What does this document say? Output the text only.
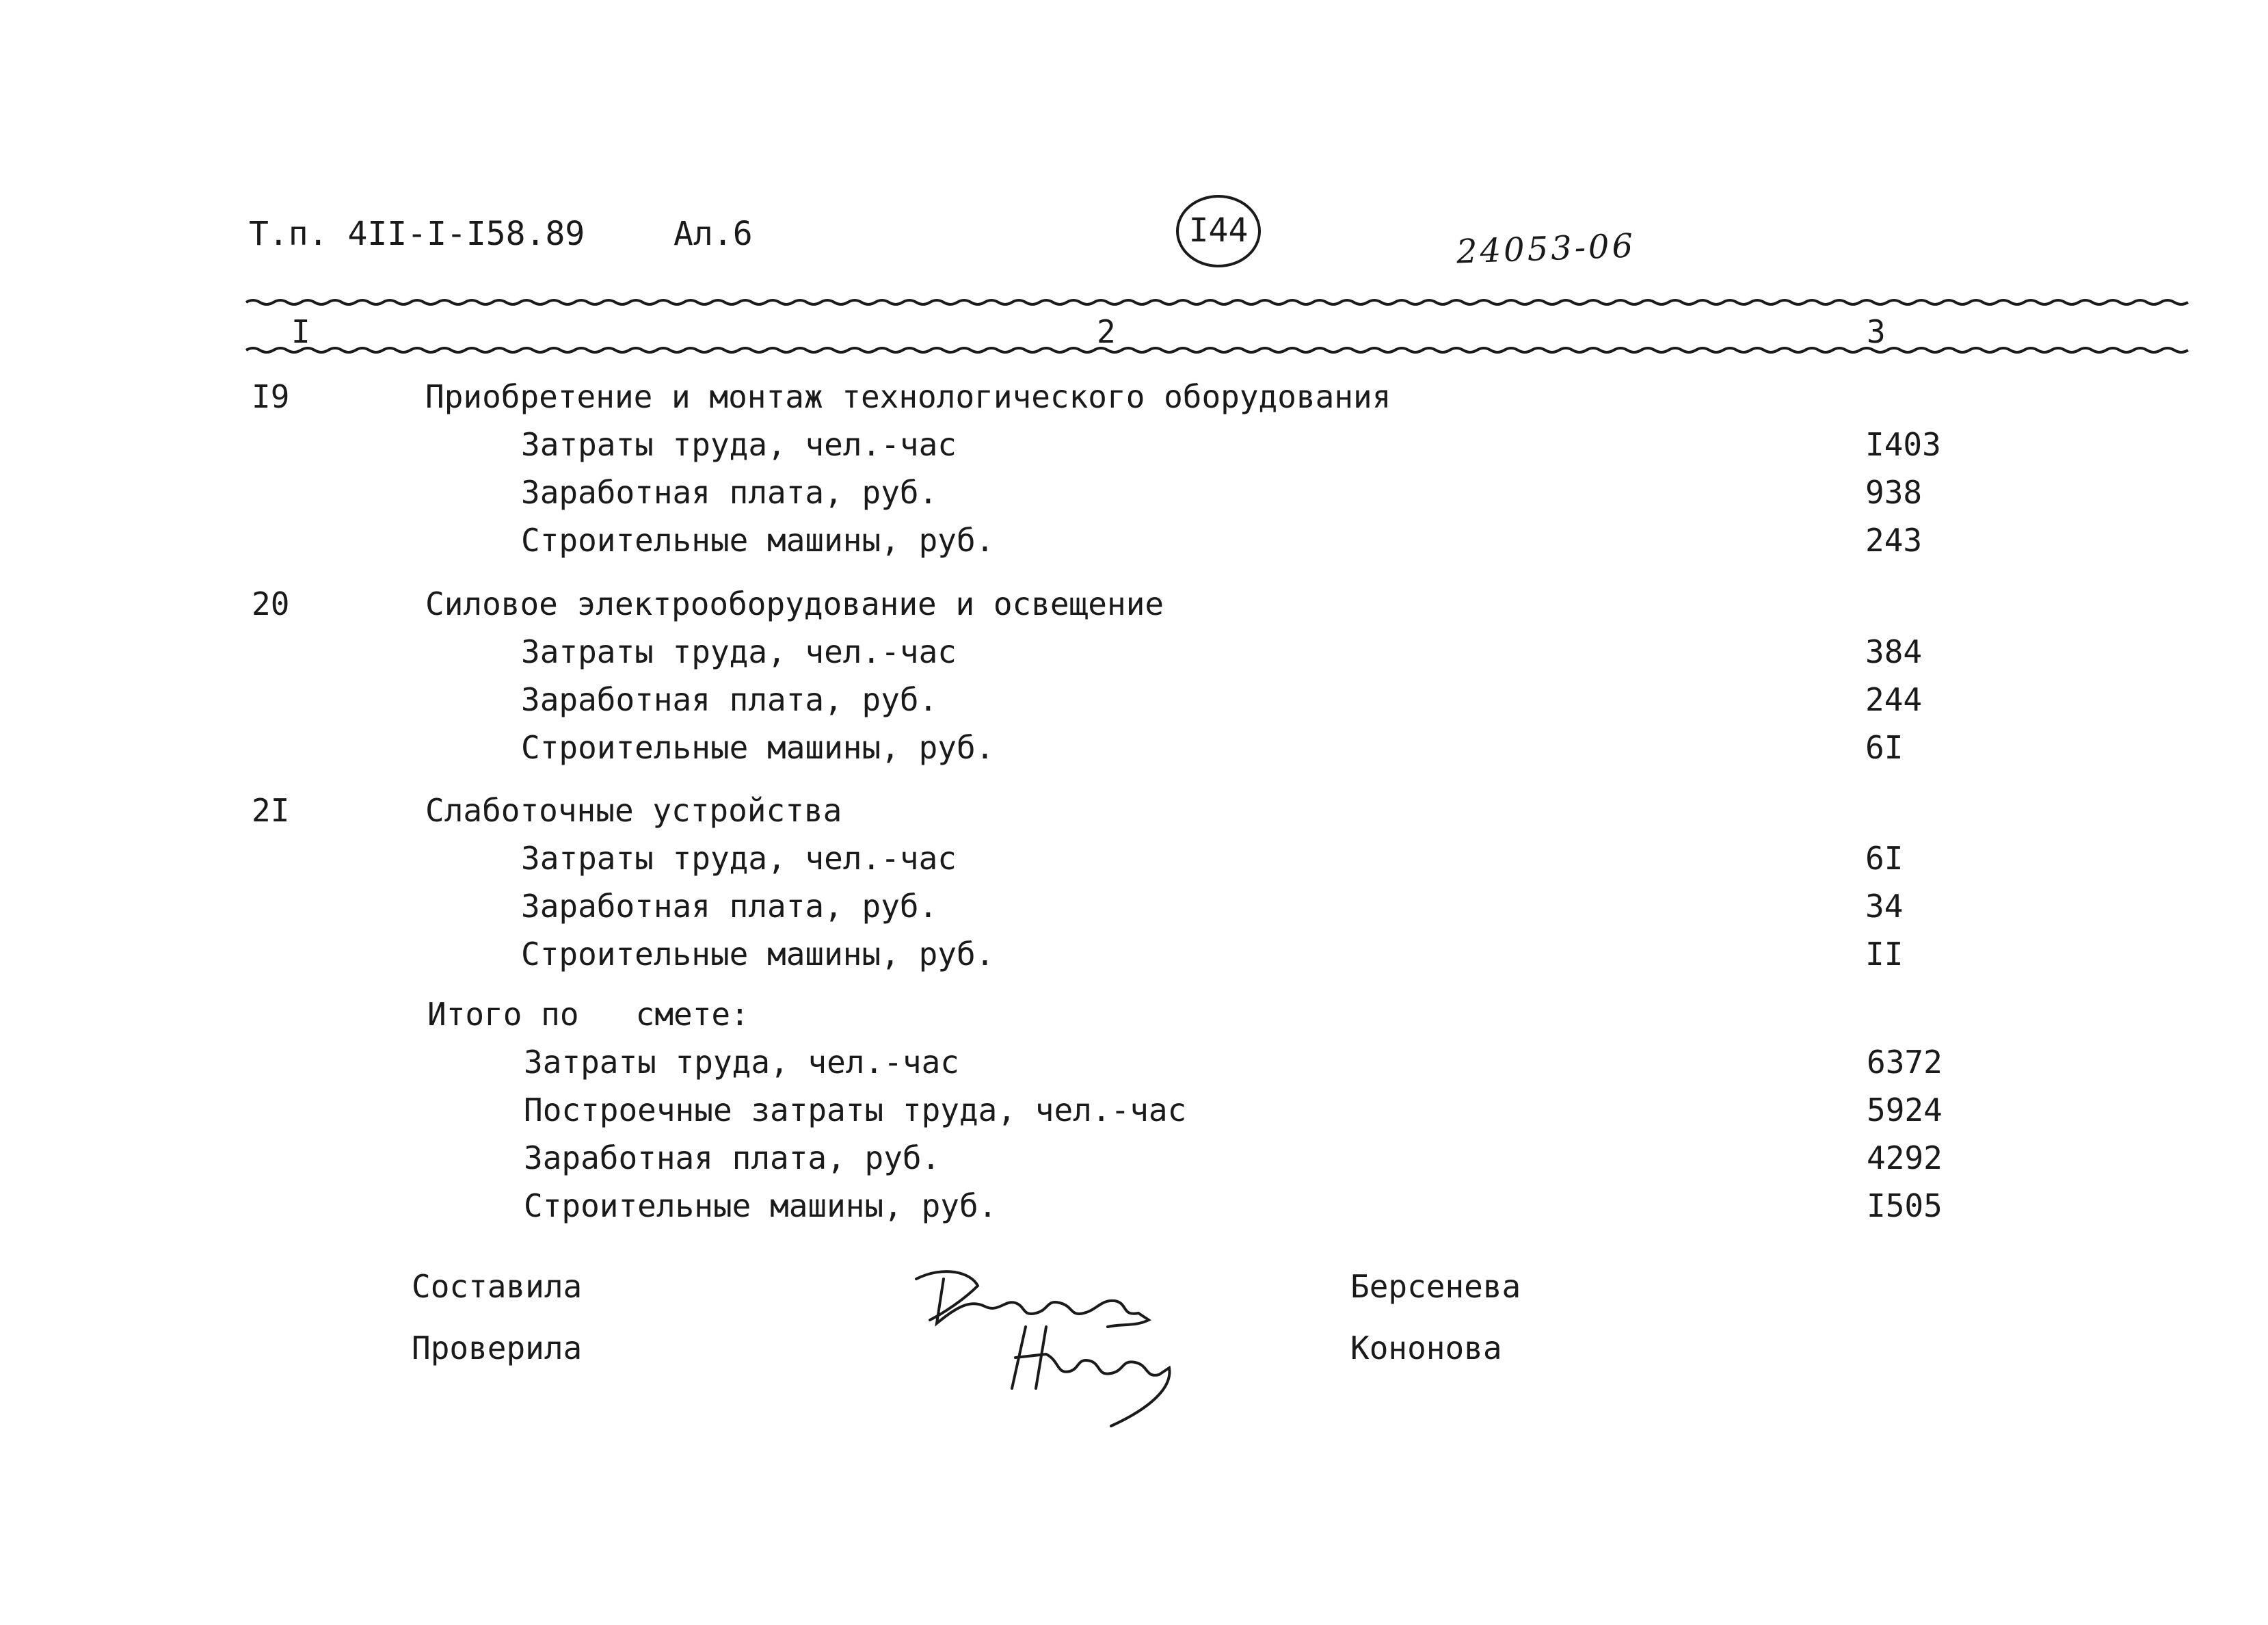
Т.п. 4II-I-I58.89	Ал.6	I44	24053-06
I	2	3
I9	Приобретение и монтаж технологического оборудования
Затраты труда, чел.-час	I403
Заработная плата, руб.	938
Строительные машины, руб.	243
20	Силовое электрооборудование и освещение
Затраты труда, чел.-час	384
Заработная плата, руб.	244
Строительные машины, руб.	6I
2I	Слаботочные устройства
Затраты труда, чел.-час	6I
Заработная плата, руб.	34
Строительные машины, руб.	II
Итого по   смете:
Затраты труда, чел.-час	6372
Построечные затраты труда, чел.-час	5924
Заработная плата, руб.	4292
Строительные машины, руб.	I505
Составила	Берсенева
Проверила	Кононова
